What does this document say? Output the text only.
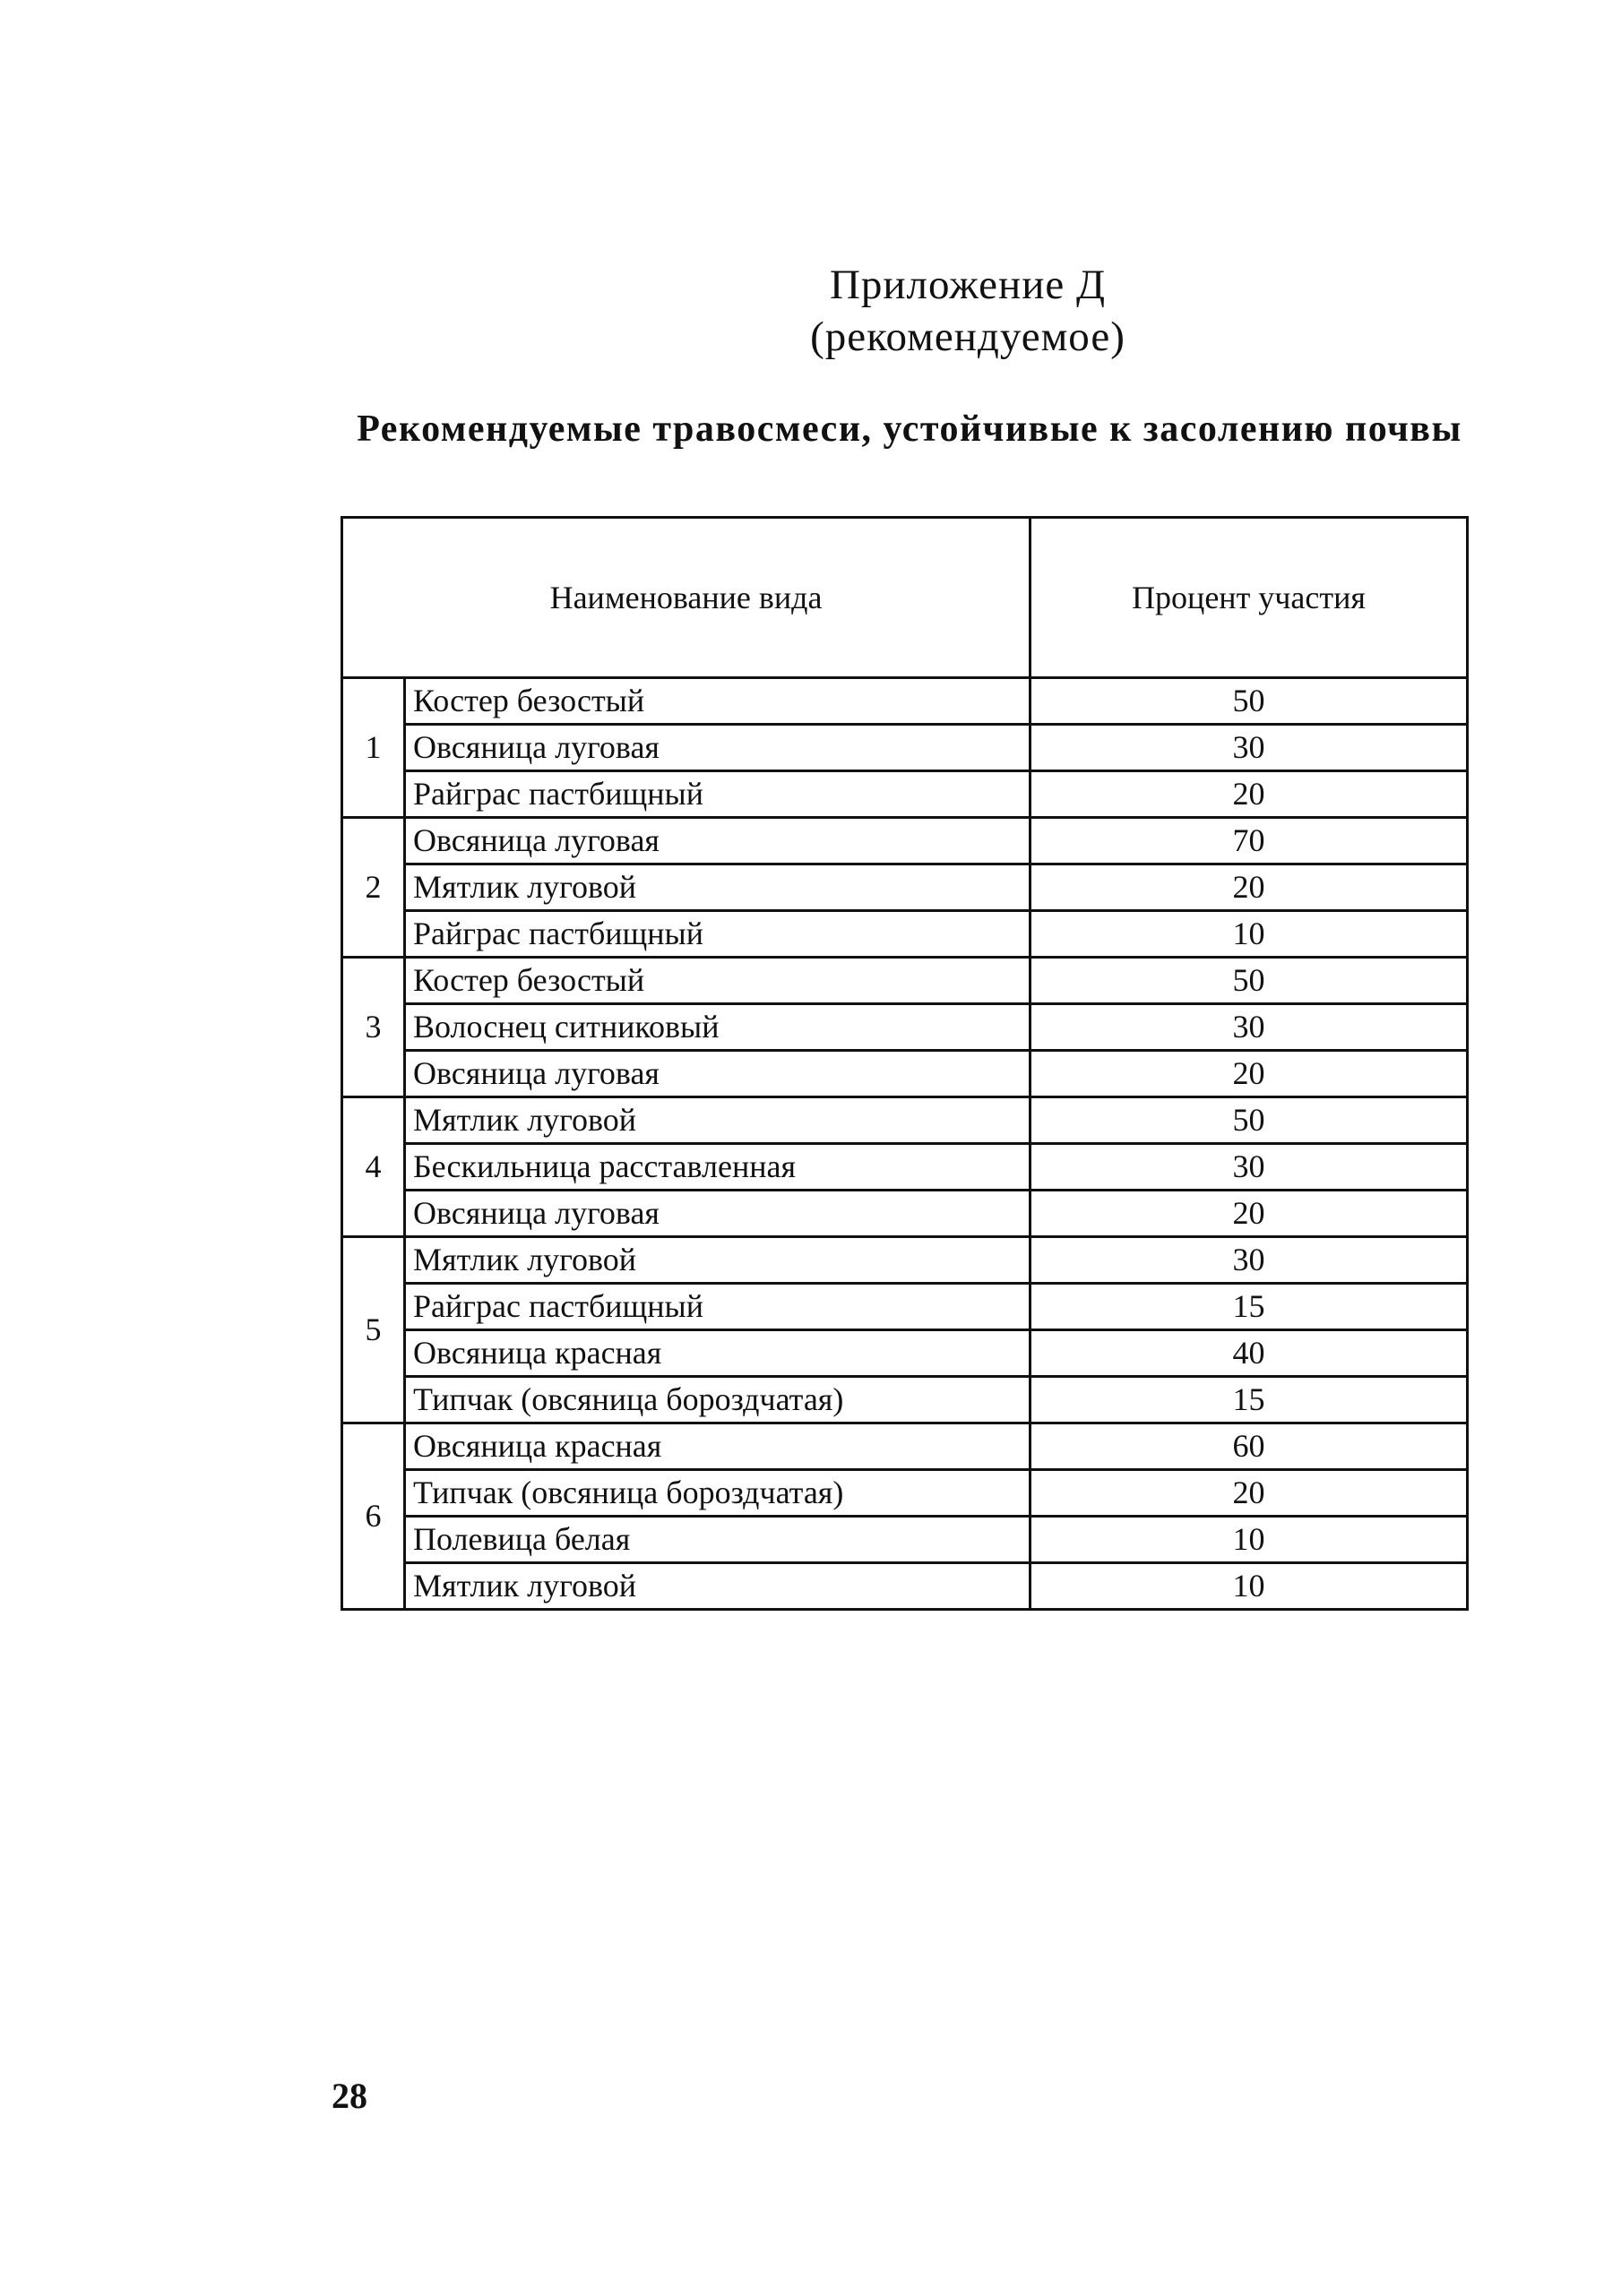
Приложение Д
(рекомендуемое)
Рекомендуемые травосмеси, устойчивые к засолению почвы
Наименование вида		Процент участия
1	Костер безостый	50
	Овсяница луговая	30
	Райграс пастбищный	20
2	Овсяница луговая	70
	Мятлик луговой	20
	Райграс пастбищный	10
3	Костер безостый	50
	Волоснец ситниковый	30
	Овсяница луговая	20
4	Мятлик луговой	50
	Бескильница расставленная	30
	Овсяница луговая	20
5	Мятлик луговой	30
	Райграс пастбищный	15
	Овсяница красная	40
	Типчак (овсяница бороздчатая)	15
6	Овсяница красная	60
	Типчак (овсяница бороздчатая)	20
	Полевица белая	10
	Мятлик луговой	10
28
